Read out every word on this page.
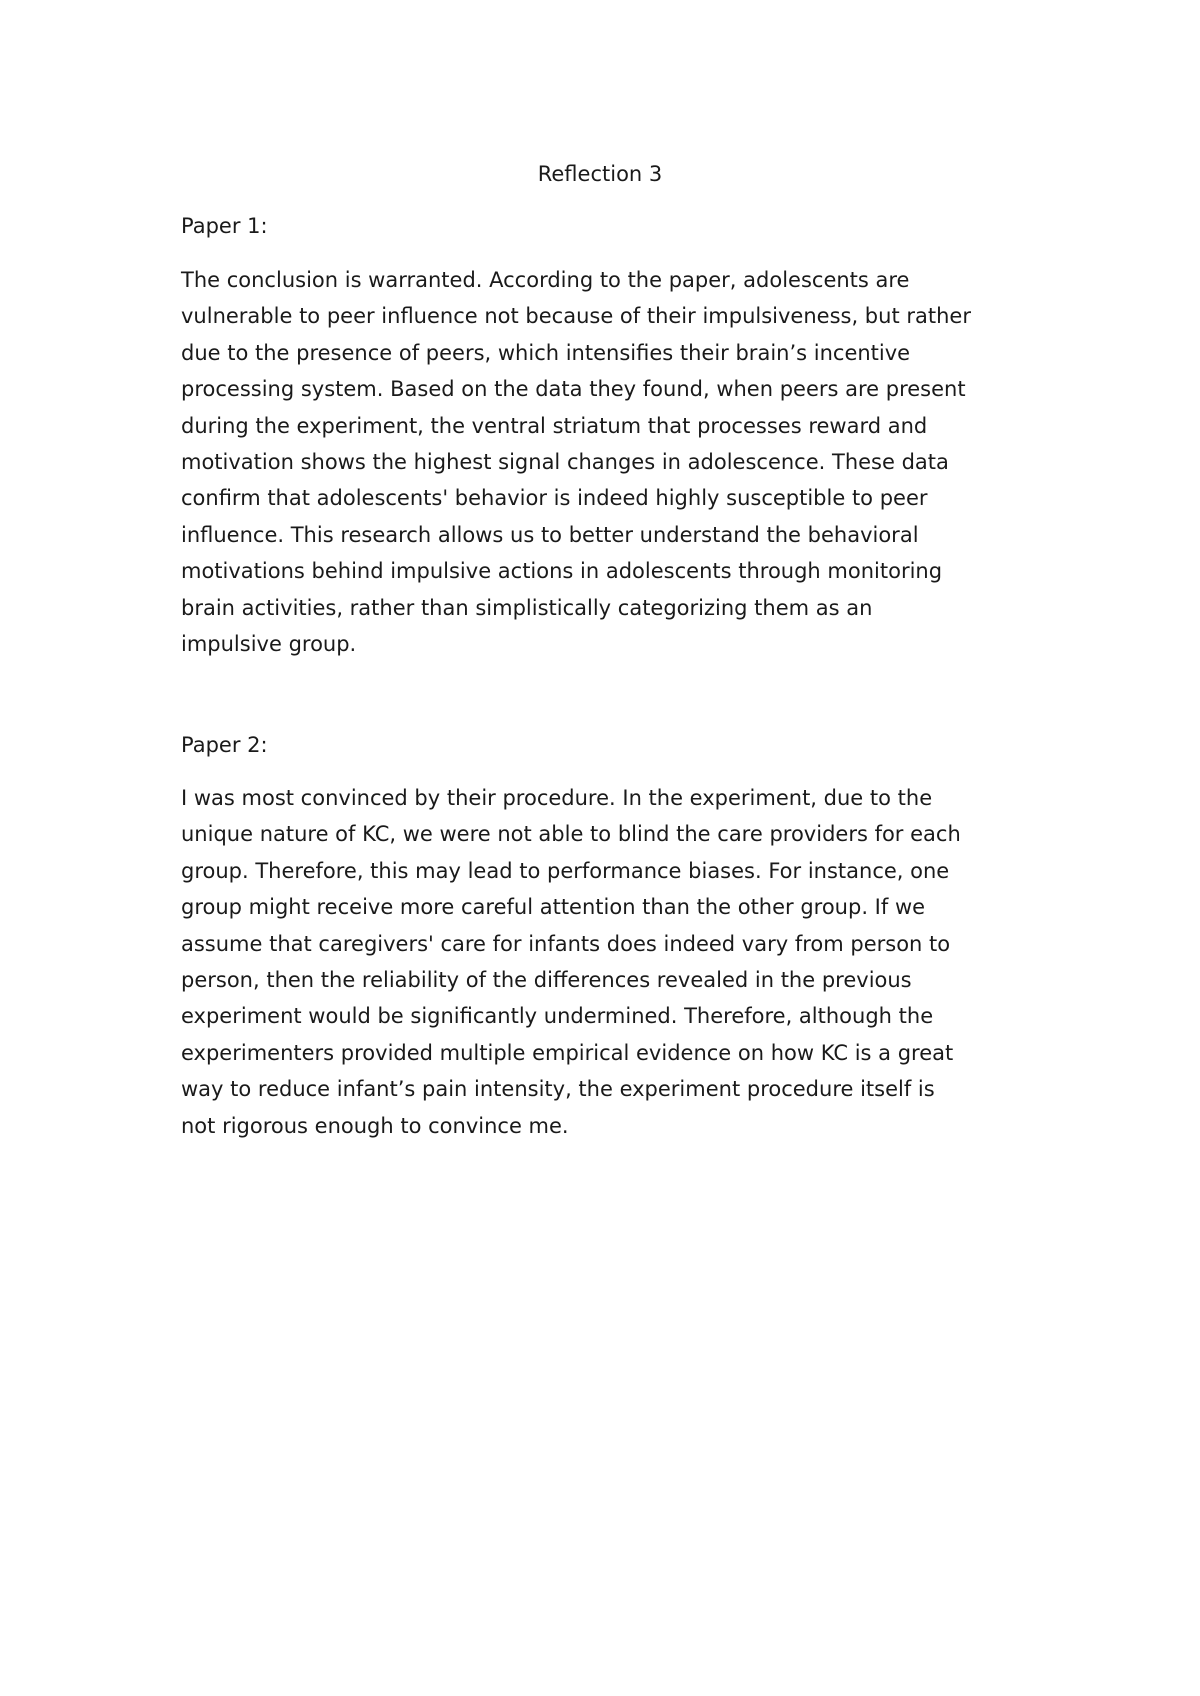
Reflection 3
Paper 1:
The conclusion is warranted. According to the paper, adolescents are
vulnerable to peer influence not because of their impulsiveness, but rather
due to the presence of peers, which intensifies their brain’s incentive
processing system. Based on the data they found, when peers are present
during the experiment, the ventral striatum that processes reward and
motivation shows the highest signal changes in adolescence. These data
confirm that adolescents' behavior is indeed highly susceptible to peer
influence. This research allows us to better understand the behavioral
motivations behind impulsive actions in adolescents through monitoring
brain activities, rather than simplistically categorizing them as an
impulsive group.
Paper 2:
I was most convinced by their procedure. In the experiment, due to the
unique nature of KC, we were not able to blind the care providers for each
group. Therefore, this may lead to performance biases. For instance, one
group might receive more careful attention than the other group. If we
assume that caregivers' care for infants does indeed vary from person to
person, then the reliability of the differences revealed in the previous
experiment would be significantly undermined. Therefore, although the
experimenters provided multiple empirical evidence on how KC is a great
way to reduce infant’s pain intensity, the experiment procedure itself is
not rigorous enough to convince me.
